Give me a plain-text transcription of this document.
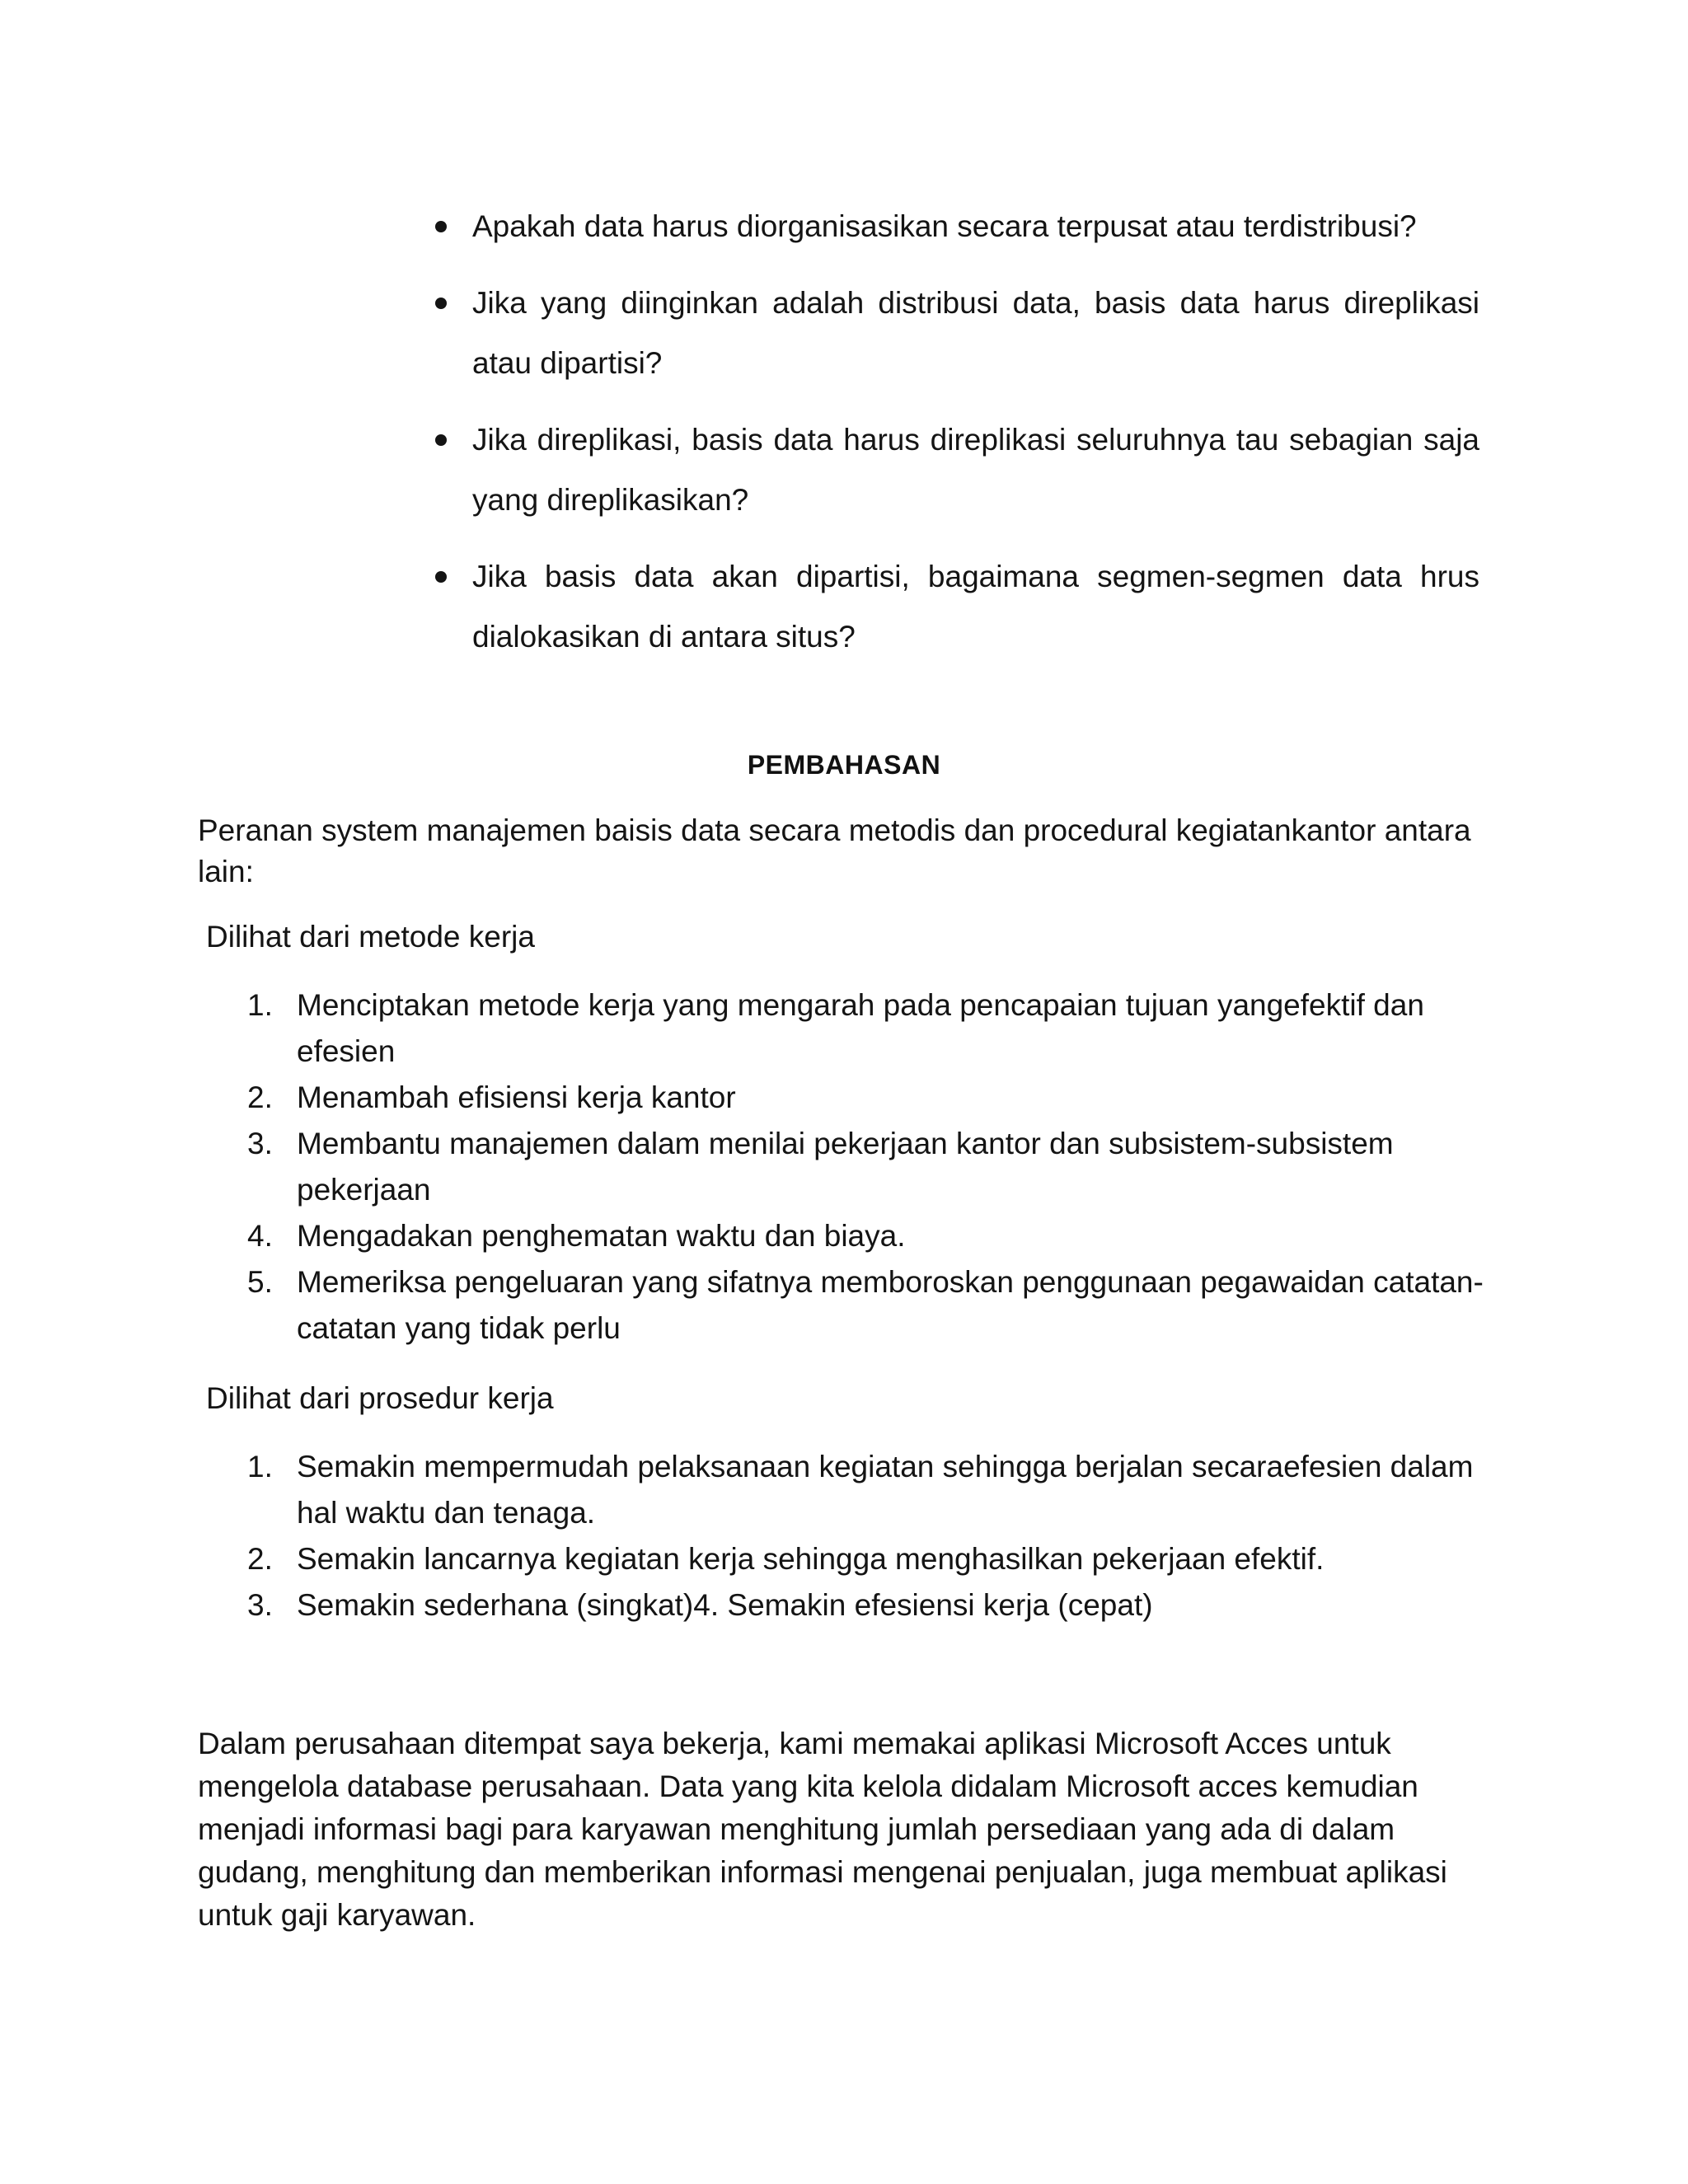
Apakah data harus diorganisasikan secara terpusat atau terdistribusi?
Jika yang diinginkan adalah distribusi data, basis data harus direplikasi atau dipartisi?
Jika direplikasi, basis data harus direplikasi seluruhnya tau sebagian saja yang direplikasikan?
Jika basis data akan dipartisi, bagaimana segmen-segmen data hrus dialokasikan di antara situs?
PEMBAHASAN
Peranan system manajemen baisis data secara metodis dan procedural kegiatankantor antara lain:
Dilihat dari metode kerja
1. Menciptakan metode kerja yang mengarah pada pencapaian tujuan yangefektif dan efesien
2. Menambah efisiensi kerja kantor
3. Membantu manajemen dalam menilai pekerjaan kantor dan subsistem-subsistem pekerjaan
4. Mengadakan penghematan waktu dan biaya.
5. Memeriksa pengeluaran yang sifatnya memboroskan penggunaan pegawaidan catatan-catatan yang tidak perlu
Dilihat dari prosedur kerja
1. Semakin mempermudah pelaksanaan kegiatan sehingga berjalan secaraefesien dalam hal waktu dan tenaga.
2. Semakin lancarnya kegiatan kerja sehingga menghasilkan pekerjaan efektif.
3. Semakin sederhana (singkat)4. Semakin efesiensi kerja (cepat)
Dalam perusahaan ditempat saya bekerja, kami memakai aplikasi Microsoft Acces untuk mengelola database perusahaan. Data yang kita kelola didalam Microsoft acces kemudian menjadi informasi bagi para karyawan menghitung jumlah persediaan yang ada di dalam gudang, menghitung dan memberikan informasi mengenai penjualan, juga membuat aplikasi untuk gaji karyawan.
